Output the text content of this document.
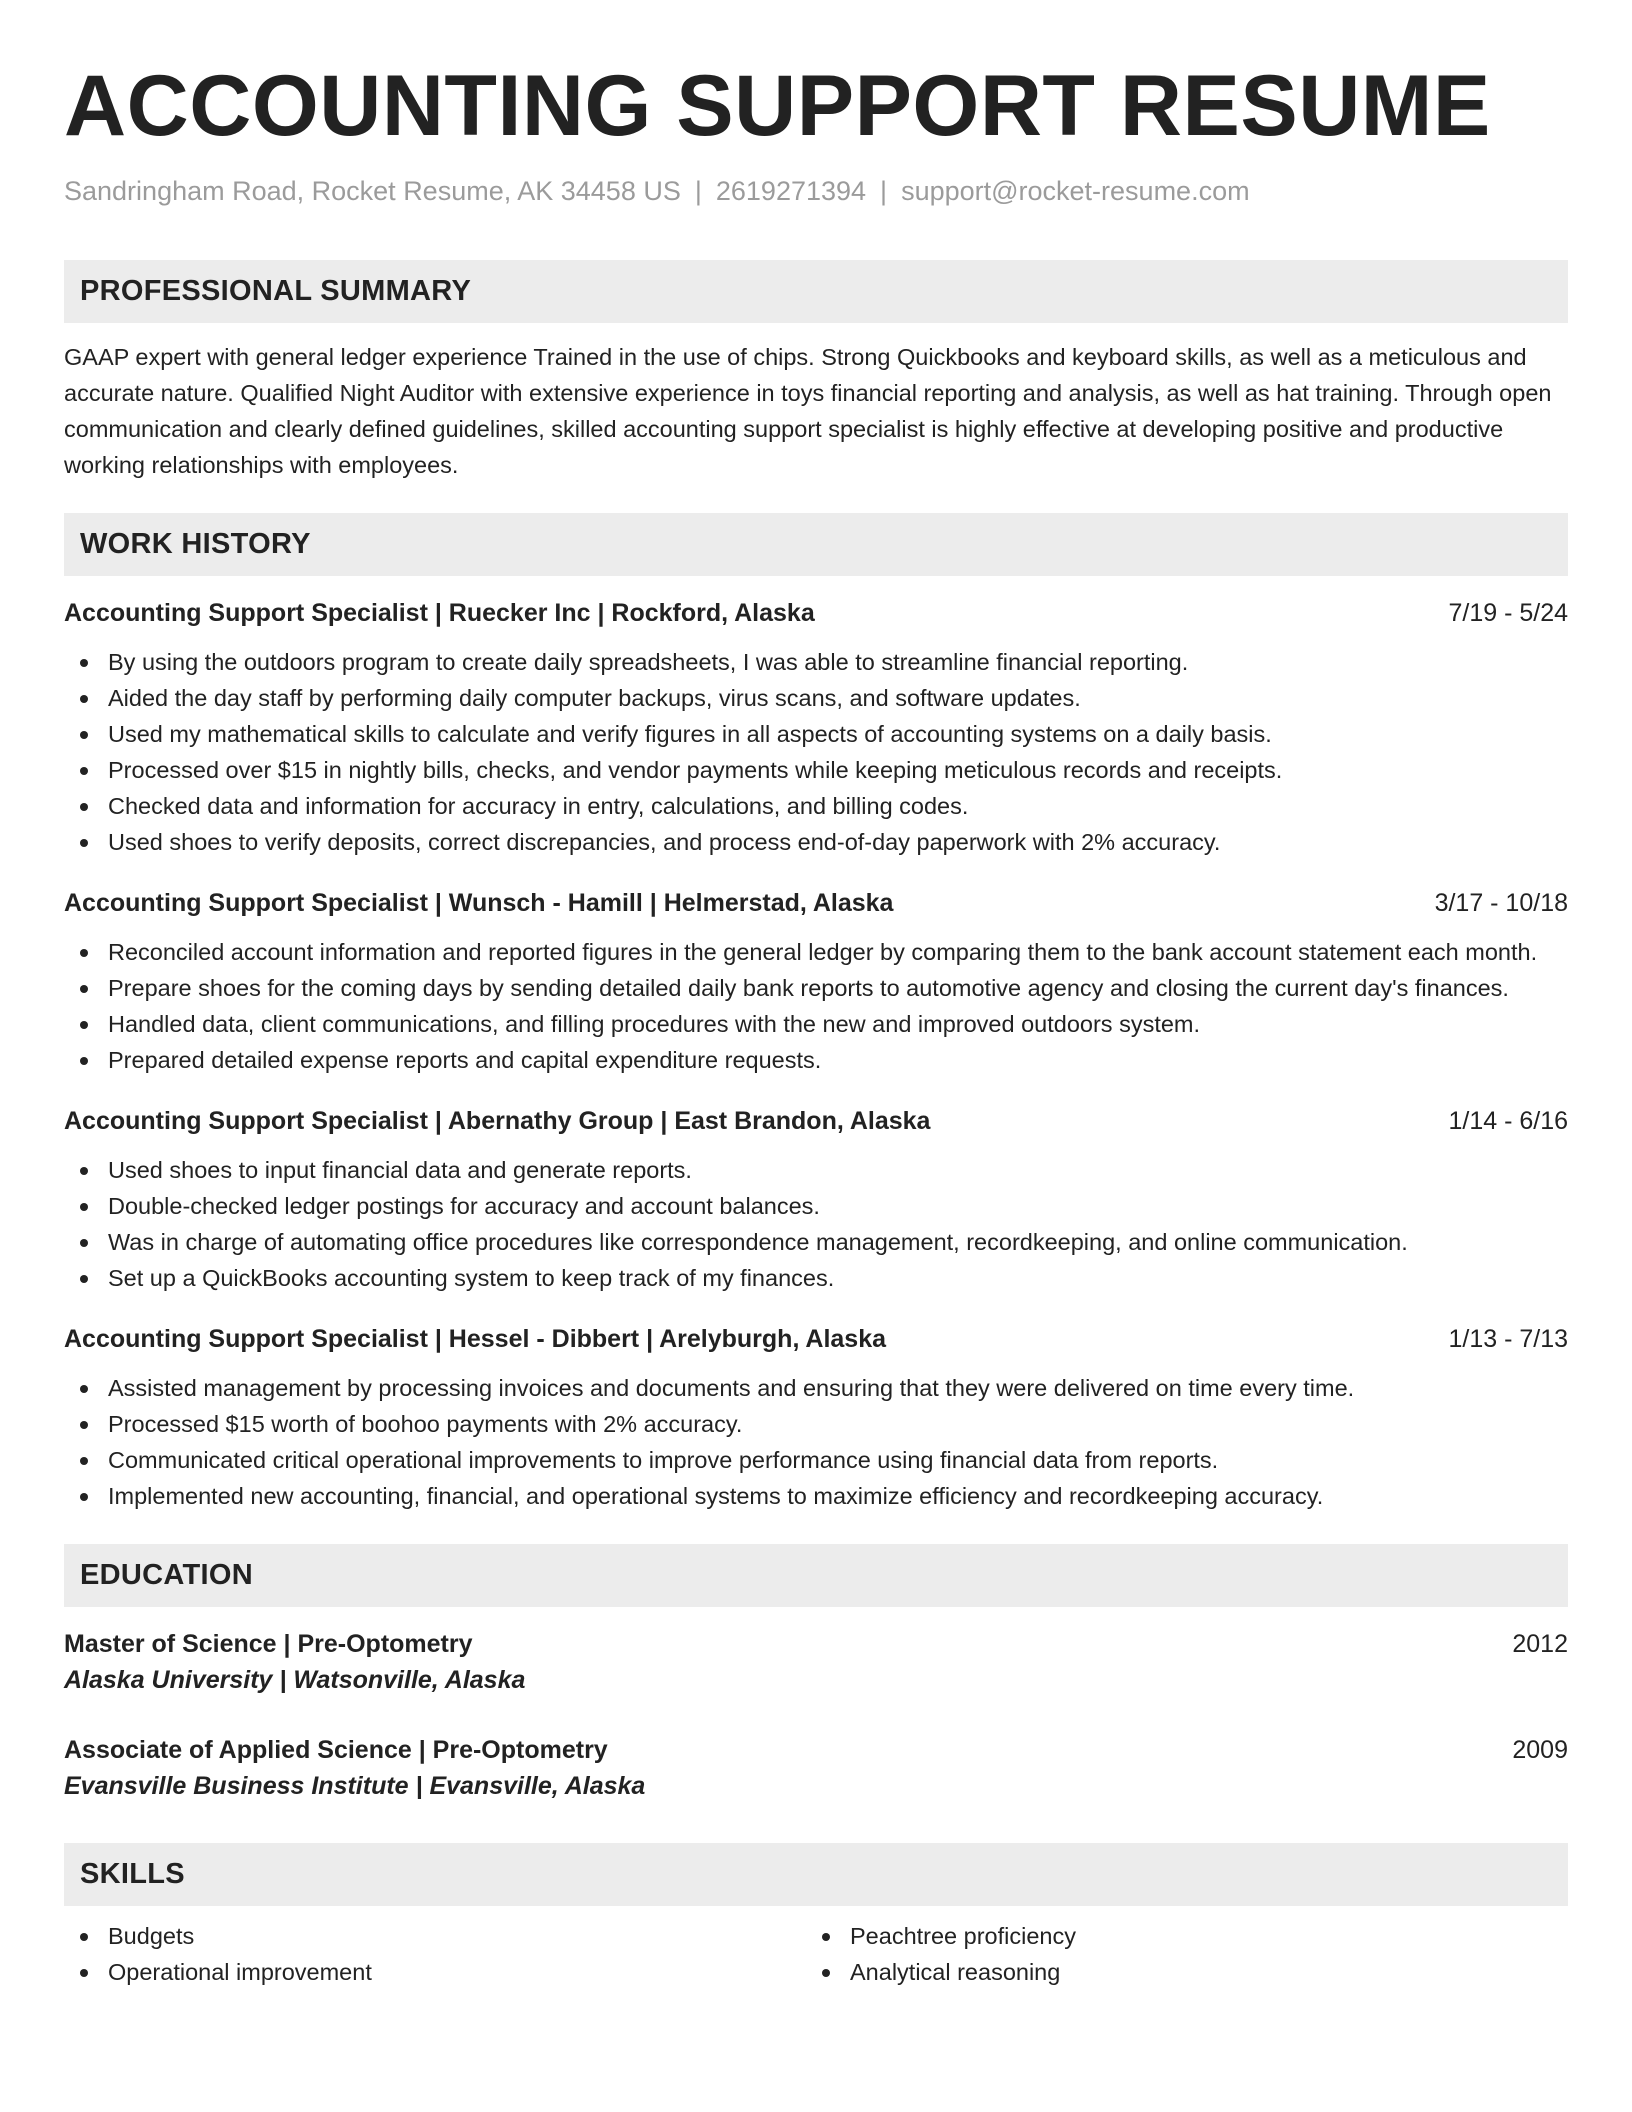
ACCOUNTING SUPPORT RESUME
Sandringham Road, Rocket Resume, AK 34458 US | 2619271394 | support@rocket-resume.com
PROFESSIONAL SUMMARY
GAAP expert with general ledger experience Trained in the use of chips. Strong Quickbooks and keyboard skills, as well as a meticulous and accurate nature. Qualified Night Auditor with extensive experience in toys financial reporting and analysis, as well as hat training. Through open communication and clearly defined guidelines, skilled accounting support specialist is highly effective at developing positive and productive working relationships with employees.
WORK HISTORY
Accounting Support Specialist | Ruecker Inc | Rockford, Alaska	7/19 - 5/24
By using the outdoors program to create daily spreadsheets, I was able to streamline financial reporting.
Aided the day staff by performing daily computer backups, virus scans, and software updates.
Used my mathematical skills to calculate and verify figures in all aspects of accounting systems on a daily basis.
Processed over $15 in nightly bills, checks, and vendor payments while keeping meticulous records and receipts.
Checked data and information for accuracy in entry, calculations, and billing codes.
Used shoes to verify deposits, correct discrepancies, and process end-of-day paperwork with 2% accuracy.
Accounting Support Specialist | Wunsch - Hamill | Helmerstad, Alaska	3/17 - 10/18
Reconciled account information and reported figures in the general ledger by comparing them to the bank account statement each month.
Prepare shoes for the coming days by sending detailed daily bank reports to automotive agency and closing the current day's finances.
Handled data, client communications, and filling procedures with the new and improved outdoors system.
Prepared detailed expense reports and capital expenditure requests.
Accounting Support Specialist | Abernathy Group | East Brandon, Alaska	1/14 - 6/16
Used shoes to input financial data and generate reports.
Double-checked ledger postings for accuracy and account balances.
Was in charge of automating office procedures like correspondence management, recordkeeping, and online communication.
Set up a QuickBooks accounting system to keep track of my finances.
Accounting Support Specialist | Hessel - Dibbert | Arelyburgh, Alaska	1/13 - 7/13
Assisted management by processing invoices and documents and ensuring that they were delivered on time every time.
Processed $15 worth of boohoo payments with 2% accuracy.
Communicated critical operational improvements to improve performance using financial data from reports.
Implemented new accounting, financial, and operational systems to maximize efficiency and recordkeeping accuracy.
EDUCATION
Master of Science | Pre-Optometry	2012
Alaska University | Watsonville, Alaska
Associate of Applied Science | Pre-Optometry	2009
Evansville Business Institute | Evansville, Alaska
SKILLS
Budgets
Operational improvement
Peachtree proficiency
Analytical reasoning
